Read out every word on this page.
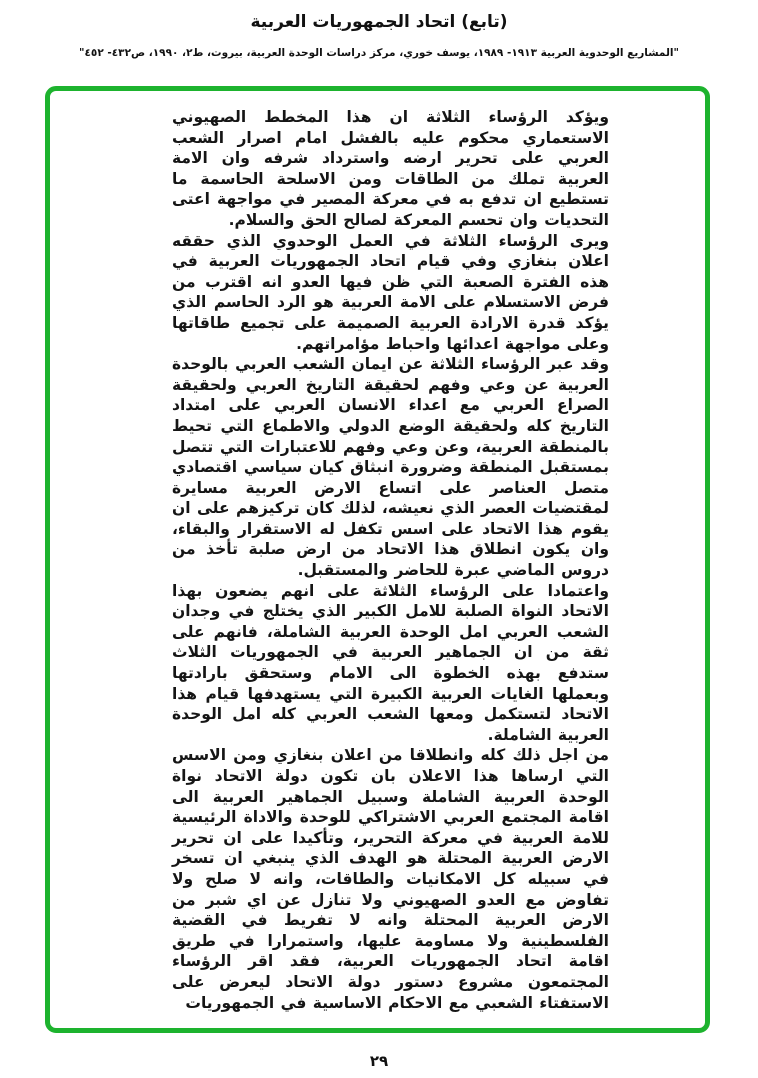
(تابع) اتحاد الجمهوريات العربية

"المشاريع الوحدوية العربية ١٩١٣- ١٩٨٩، يوسف خوري، مركز دراسات الوحدة العربية، بيروت، ط٢، ١٩٩٠، ص٤٣٢- ٤٥٢"

ويؤكد الرؤساء الثلاثة ان هذا المخطط الصهيوني الاستعماري محكوم عليه بالفشل امام اصرار الشعب العربي على تحرير ارضه واسترداد شرفه وان الامة العربية تملك من الطاقات ومن الاسلحة الحاسمة ما تستطيع ان تدفع به في معركة المصير في مواجهة اعتى التحديات وان تحسم المعركة لصالح الحق والسلام.

ويرى الرؤساء الثلاثة في العمل الوحدوي الذي حققه اعلان بنغازي وفي قيام اتحاد الجمهوريات العربية في هذه الفترة الصعبة التي ظن فيها العدو انه اقترب من فرض الاستسلام على الامة العربية هو الرد الحاسم الذي يؤكد قدرة الارادة العربية الصميمة على تجميع طاقاتها وعلى مواجهة اعدائها واحباط مؤامراتهم.

وقد عبر الرؤساء الثلاثة عن ايمان الشعب العربي بالوحدة العربية عن وعي وفهم لحقيقة التاريخ العربي ولحقيقة الصراع العربي مع اعداء الانسان العربي على امتداد التاريخ كله ولحقيقة الوضع الدولي والاطماع التي تحيط بالمنطقة العربية، وعن وعي وفهم للاعتبارات التي تتصل بمستقبل المنطقة وضرورة انبثاق كيان سياسي اقتصادي متصل العناصر على اتساع الارض العربية مسايرة لمقتضيات العصر الذي نعيشه، لذلك كان تركيزهم على ان يقوم هذا الاتحاد على اسس تكفل له الاستقرار والبقاء، وان يكون انطلاق هذا الاتحاد من ارض صلبة تأخذ من دروس الماضي عبرة للحاضر والمستقبل.

واعتمادا على الرؤساء الثلاثة على انهم يضعون بهذا الاتحاد النواة الصلبة للامل الكبير الذي يختلج في وجدان الشعب العربي امل الوحدة العربية الشاملة، فانهم على ثقة من ان الجماهير العربية في الجمهوريات الثلاث ستدفع بهذه الخطوة الى الامام وستحقق بارادتها وبعملها الغايات العربية الكبيرة التي يستهدفها قيام هذا الاتحاد لتستكمل ومعها الشعب العربي كله امل الوحدة العربية الشاملة.

من اجل ذلك كله وانطلاقا من اعلان بنغازي ومن الاسس التي ارساها هذا الاعلان بان تكون دولة الاتحاد نواة الوحدة العربية الشاملة وسبيل الجماهير العربية الى اقامة المجتمع العربي الاشتراكي للوحدة والاداة الرئيسية للامة العربية في معركة التحرير، وتأكيدا على ان تحرير الارض العربية المحتلة هو الهدف الذي ينبغي ان تسخر في سبيله كل الامكانيات والطاقات، وانه لا صلح ولا تفاوض مع العدو الصهيوني ولا تنازل عن اي شبر من الارض العربية المحتلة وانه لا تفريط في القضية الفلسطينية ولا مساومة عليها، واستمرارا في طريق اقامة اتحاد الجمهوريات العربية، فقد اقر الرؤساء المجتمعون مشروع دستور دولة الاتحاد ليعرض على الاستفتاء الشعبي مع الاحكام الاساسية في الجمهوريات

٢٩
